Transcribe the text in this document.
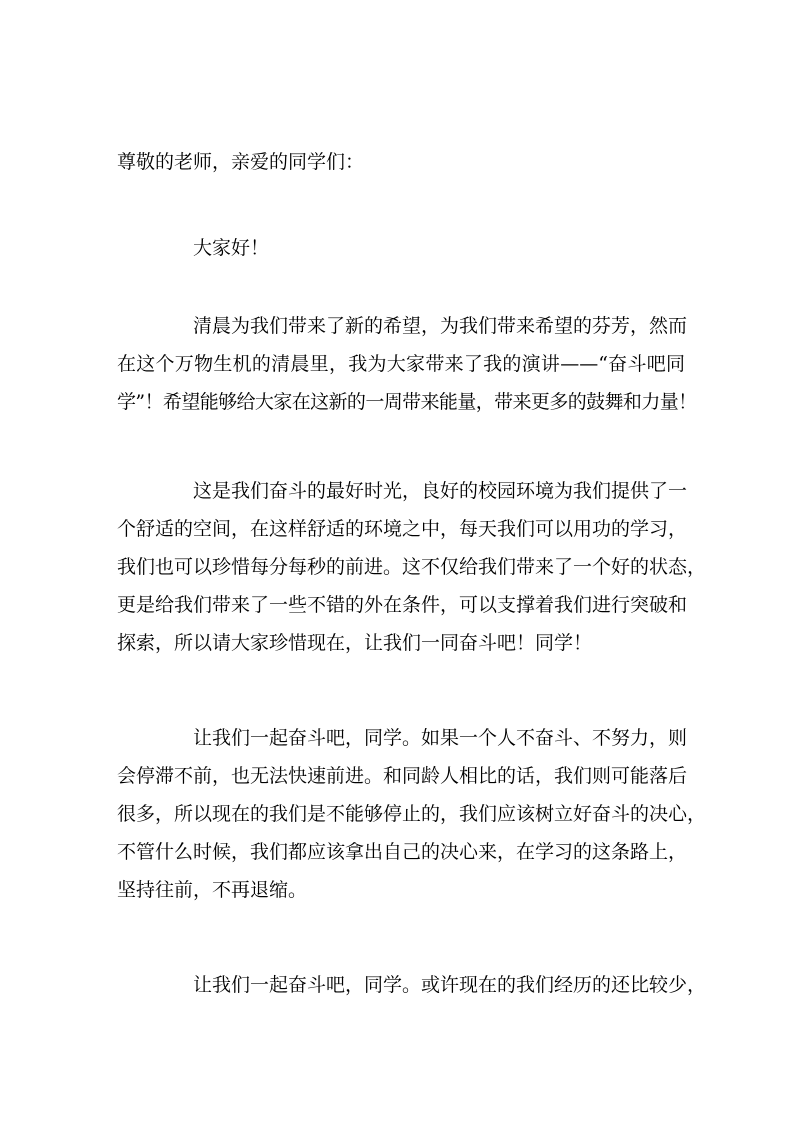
尊敬的老师，亲爱的同学们：
大家好！
清晨为我们带来了新的希望，为我们带来希望的芬芳，然而
在这个万物生机的清晨里，我为大家带来了我的演讲——“奋斗吧同
学”！希望能够给大家在这新的一周带来能量，带来更多的鼓舞和力量！
这是我们奋斗的最好时光，良好的校园环境为我们提供了一
个舒适的空间，在这样舒适的环境之中，每天我们可以用功的学习，
我们也可以珍惜每分每秒的前进。这不仅给我们带来了一个好的状态，
更是给我们带来了一些不错的外在条件，可以支撑着我们进行突破和
探索，所以请大家珍惜现在，让我们一同奋斗吧！同学！
让我们一起奋斗吧，同学。如果一个人不奋斗、不努力，则
会停滞不前，也无法快速前进。和同龄人相比的话，我们则可能落后
很多，所以现在的我们是不能够停止的，我们应该树立好奋斗的决心，
不管什么时候，我们都应该拿出自己的决心来，在学习的这条路上，
坚持往前，不再退缩。
让我们一起奋斗吧，同学。或许现在的我们经历的还比较少，
